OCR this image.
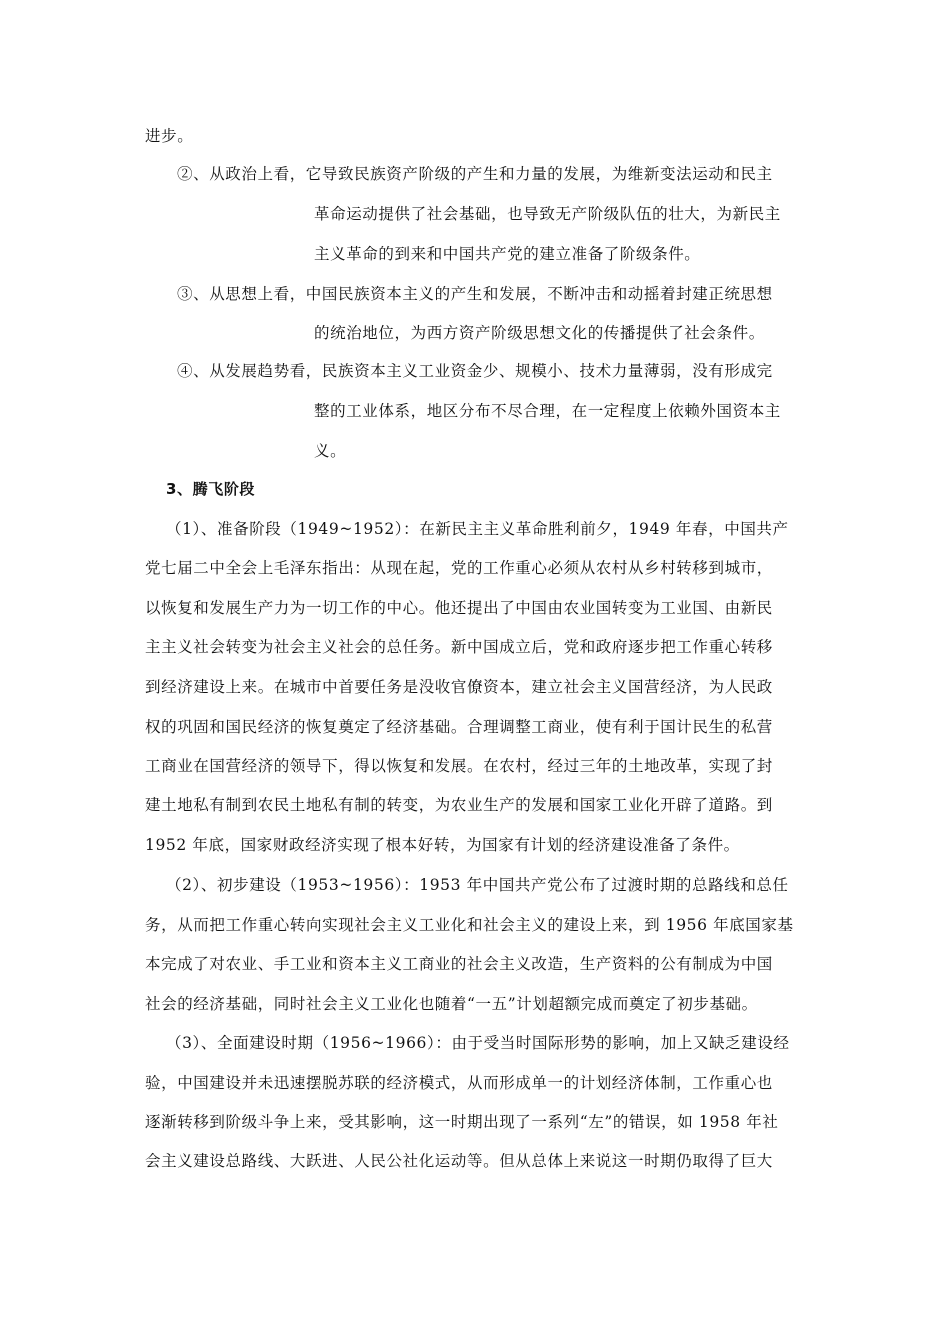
进步。
②、从政治上看，它导致民族资产阶级的产生和力量的发展，为维新变法运动和民主
革命运动提供了社会基础，也导致无产阶级队伍的壮大，为新民主
主义革命的到来和中国共产党的建立准备了阶级条件。
③、从思想上看，中国民族资本主义的产生和发展，不断冲击和动摇着封建正统思想
的统治地位，为西方资产阶级思想文化的传播提供了社会条件。
④、从发展趋势看，民族资本主义工业资金少、规模小、技术力量薄弱，没有形成完
整的工业体系，地区分布不尽合理，在一定程度上依赖外国资本主
义。
3、腾飞阶段
（1）、准备阶段（1949~1952）：在新民主主义革命胜利前夕，1949 年春，中国共产
党七届二中全会上毛泽东指出：从现在起，党的工作重心必须从农村从乡村转移到城市，
以恢复和发展生产力为一切工作的中心。他还提出了中国由农业国转变为工业国、由新民
主主义社会转变为社会主义社会的总任务。新中国成立后，党和政府逐步把工作重心转移
到经济建设上来。在城市中首要任务是没收官僚资本，建立社会主义国营经济，为人民政
权的巩固和国民经济的恢复奠定了经济基础。合理调整工商业，使有利于国计民生的私营
工商业在国营经济的领导下，得以恢复和发展。在农村，经过三年的土地改革，实现了封
建土地私有制到农民土地私有制的转变，为农业生产的发展和国家工业化开辟了道路。到
1952 年底，国家财政经济实现了根本好转，为国家有计划的经济建设准备了条件。
（2）、初步建设（1953~1956）：1953 年中国共产党公布了过渡时期的总路线和总任
务，从而把工作重心转向实现社会主义工业化和社会主义的建设上来，到 1956 年底国家基
本完成了对农业、手工业和资本主义工商业的社会主义改造，生产资料的公有制成为中国
社会的经济基础，同时社会主义工业化也随着“一五”计划超额完成而奠定了初步基础。
（3）、全面建设时期（1956~1966）：由于受当时国际形势的影响，加上又缺乏建设经
验，中国建设并未迅速摆脱苏联的经济模式，从而形成单一的计划经济体制，工作重心也
逐渐转移到阶级斗争上来，受其影响，这一时期出现了一系列“左”的错误，如 1958 年社
会主义建设总路线、大跃进、人民公社化运动等。但从总体上来说这一时期仍取得了巨大
